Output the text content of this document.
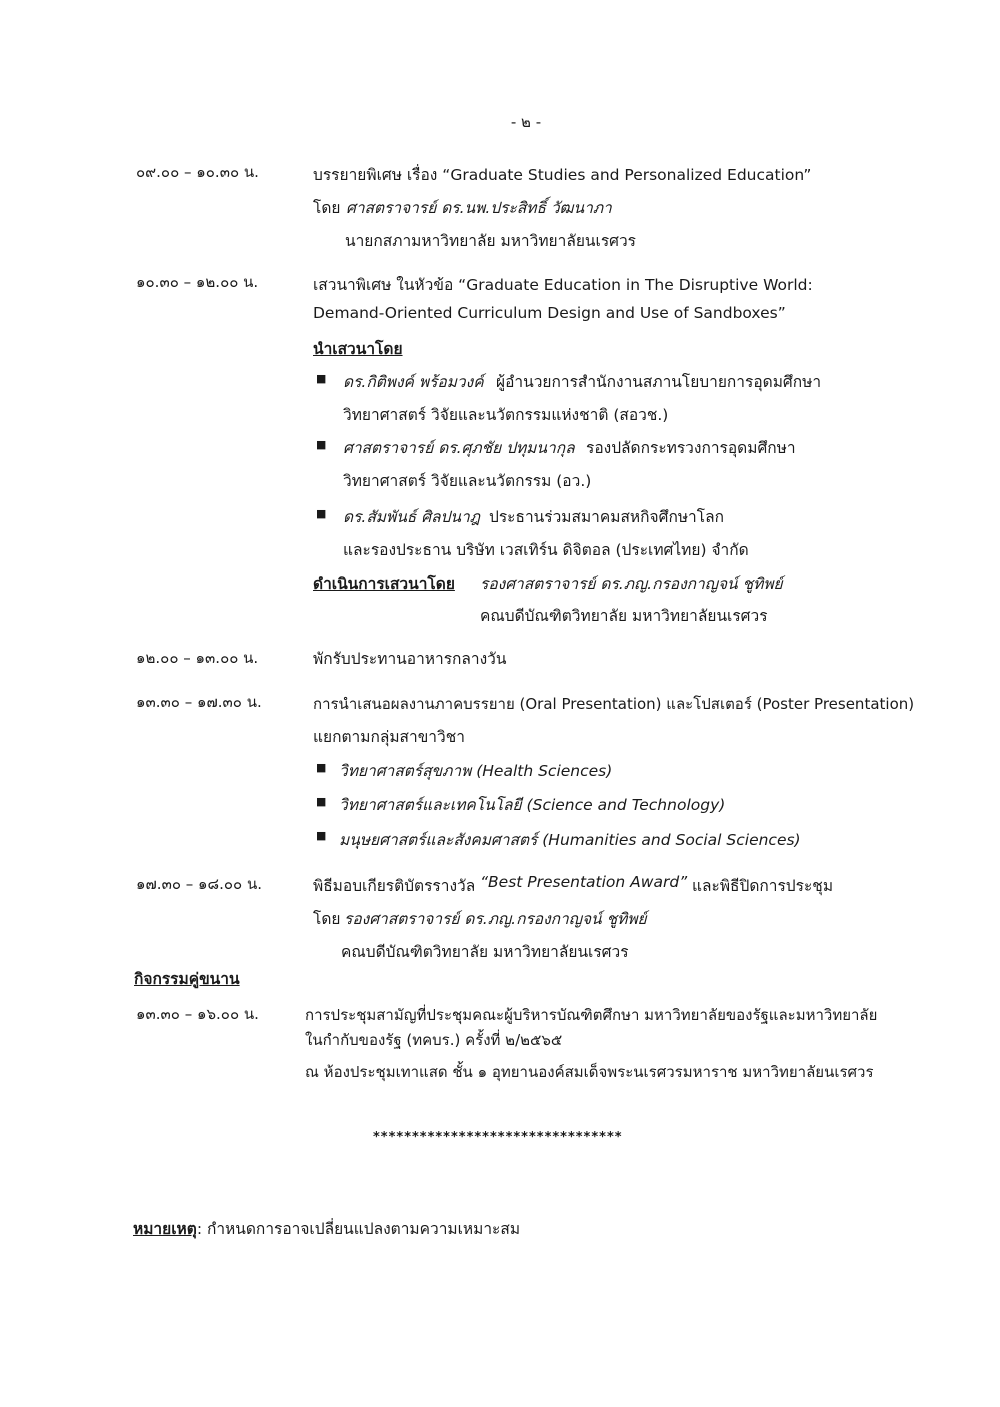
- ๒ -
๐๙.๐๐ – ๑๐.๓๐ น.	บรรยายพิเศษ เรื่อง “Graduate Studies and Personalized Education”
โดย ศาสตราจารย์ ดร.นพ.ประสิทธิ์ วัฒนาภา
นายกสภามหาวิทยาลัย มหาวิทยาลัยนเรศวร
๑๐.๓๐ – ๑๒.๐๐ น.	เสวนาพิเศษ ในหัวข้อ “Graduate Education in The Disruptive World:
Demand-Oriented Curriculum Design and Use of Sandboxes”
นำเสวนาโดย
■ ดร.กิติพงค์ พร้อมวงค์ ผู้อำนวยการสำนักงานสภานโยบายการอุดมศึกษา
วิทยาศาสตร์ วิจัยและนวัตกรรมแห่งชาติ (สอวช.)
■ ศาสตราจารย์ ดร.ศุภชัย ปทุมนากุล รองปลัดกระทรวงการอุดมศึกษา
วิทยาศาสตร์ วิจัยและนวัตกรรม (อว.)
■ ดร.สัมพันธ์ ศิลปนาฎ ประธานร่วมสมาคมสหกิจศึกษาโลก
และรองประธาน บริษัท เวสเทิร์น ดิจิตอล (ประเทศไทย) จำกัด
ดำเนินการเสวนาโดย รองศาสตราจารย์ ดร.ภญ.กรองกาญจน์ ชูทิพย์
คณบดีบัณฑิตวิทยาลัย มหาวิทยาลัยนเรศวร
๑๒.๐๐ – ๑๓.๐๐ น.	พักรับประทานอาหารกลางวัน
๑๓.๓๐ – ๑๗.๓๐ น.	การนำเสนอผลงานภาคบรรยาย (Oral Presentation) และโปสเตอร์ (Poster Presentation)
แยกตามกลุ่มสาขาวิชา
■ วิทยาศาสตร์สุขภาพ (Health Sciences)
■ วิทยาศาสตร์และเทคโนโลยี (Science and Technology)
■ มนุษยศาสตร์และสังคมศาสตร์ (Humanities and Social Sciences)
๑๗.๓๐ – ๑๘.๐๐ น.	พิธีมอบเกียรติบัตรรางวัล “Best Presentation Award” และพิธีปิดการประชุม
โดย รองศาสตราจารย์ ดร.ภญ.กรองกาญจน์ ชูทิพย์
คณบดีบัณฑิตวิทยาลัย มหาวิทยาลัยนเรศวร
กิจกรรมคู่ขนาน
๑๓.๓๐ – ๑๖.๐๐ น.	การประชุมสามัญที่ประชุมคณะผู้บริหารบัณฑิตศึกษา มหาวิทยาลัยของรัฐและมหาวิทยาลัย
ในกำกับของรัฐ (ทคบร.) ครั้งที่ ๒/๒๕๖๕
ณ ห้องประชุมเทาแสด ชั้น ๑ อุทยานองค์สมเด็จพระนเรศวรมหาราช มหาวิทยาลัยนเรศวร
********************************
หมายเหตุ: กำหนดการอาจเปลี่ยนแปลงตามความเหมาะสม
